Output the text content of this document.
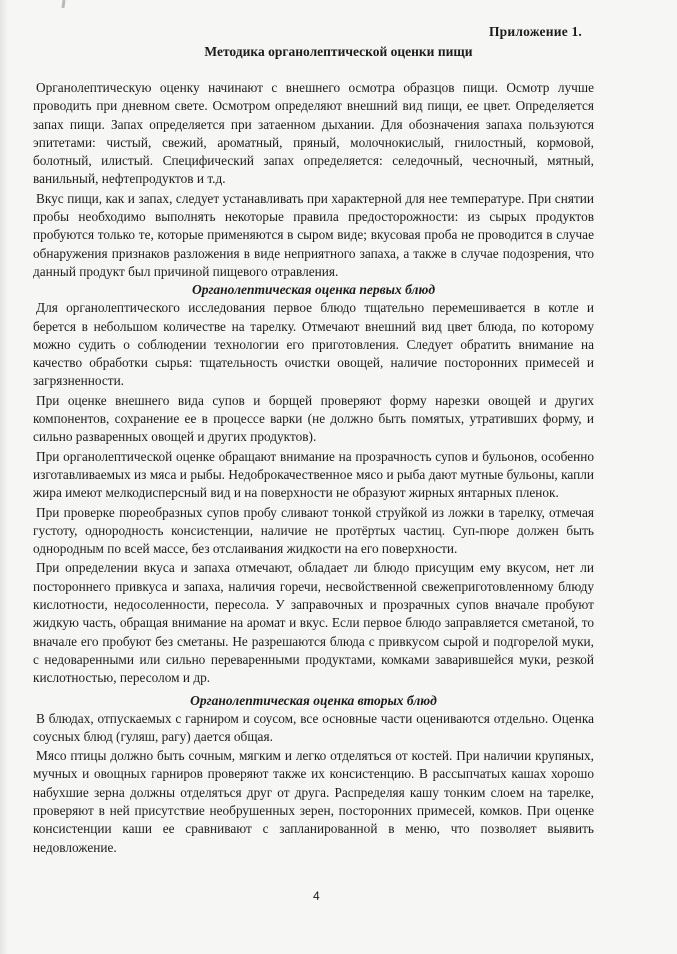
Приложение 1.
Методика органолептической оценки пищи

Органолептическую оценку начинают с внешнего осмотра образцов пищи. Осмотр лучше проводить при дневном свете. Осмотром определяют внешний вид пищи, ее цвет. Определяется запах пищи. Запах определяется при затаенном дыхании. Для обозначения запаха пользуются эпитетами: чистый, свежий, ароматный, пряный, молочнокислый, гнилостный, кормовой, болотный, илистый. Специфический запах определяется: селедочный, чесночный, мятный, ванильный, нефтепродуктов и т.д.

Вкус пищи, как и запах, следует устанавливать при характерной для нее температуре. При снятии пробы необходимо выполнять некоторые правила предосторожности: из сырых продуктов пробуются только те, которые применяются в сыром виде; вкусовая проба не проводится в случае обнаружения признаков разложения в виде неприятного запаха, а также в случае подозрения, что данный продукт был причиной пищевого отравления.

Органолептическая оценка первых блюд

Для органолептического исследования первое блюдо тщательно перемешивается в котле и берется в небольшом количестве на тарелку. Отмечают внешний вид цвет блюда, по которому можно судить о соблюдении технологии его приготовления. Следует обратить внимание на качество обработки сырья: тщательность очистки овощей, наличие посторонних примесей и загрязненности.

При оценке внешнего вида супов и борщей проверяют форму нарезки овощей и других компонентов, сохранение ее в процессе варки (не должно быть помятых, утративших форму, и сильно разваренных овощей и других продуктов).

При органолептической оценке обращают внимание на прозрачность супов и бульонов, особенно изготавливаемых из мяса и рыбы. Недоброкачественное мясо и рыба дают мутные бульоны, капли жира имеют мелкодисперсный вид и на поверхности не образуют жирных янтарных пленок.

При проверке пюреобразных супов пробу сливают тонкой струйкой из ложки в тарелку, отмечая густоту, однородность консистенции, наличие не протёртых частиц. Суп-пюре должен быть однородным по всей массе, без отслаивания жидкости на его поверхности.

При определении вкуса и запаха отмечают, обладает ли блюдо присущим ему вкусом, нет ли постороннего привкуса и запаха, наличия горечи, несвойственной свежеприготовленному блюду кислотности, недосоленности, пересола. У заправочных и прозрачных супов вначале пробуют жидкую часть, обращая внимание на аромат и вкус. Если первое блюдо заправляется сметаной, то вначале его пробуют без сметаны. Не разрешаются блюда с привкусом сырой и подгорелой муки, с недоваренными или сильно переваренными продуктами, комками заварившейся муки, резкой кислотностью, пересолом и др.

Органолептическая оценка вторых блюд

В блюдах, отпускаемых с гарниром и соусом, все основные части оцениваются отдельно. Оценка соусных блюд (гуляш, рагу) дается общая.

Мясо птицы должно быть сочным, мягким и легко отделяться от костей. При наличии крупяных, мучных и овощных гарниров проверяют также их консистенцию. В рассыпчатых кашах хорошо набухшие зерна должны отделяться друг от друга. Распределяя кашу тонким слоем на тарелке, проверяют в ней присутствие необрушенных зерен, посторонних примесей, комков. При оценке консистенции каши ее сравнивают с запланированной в меню, что позволяет выявить недовложение.

4
